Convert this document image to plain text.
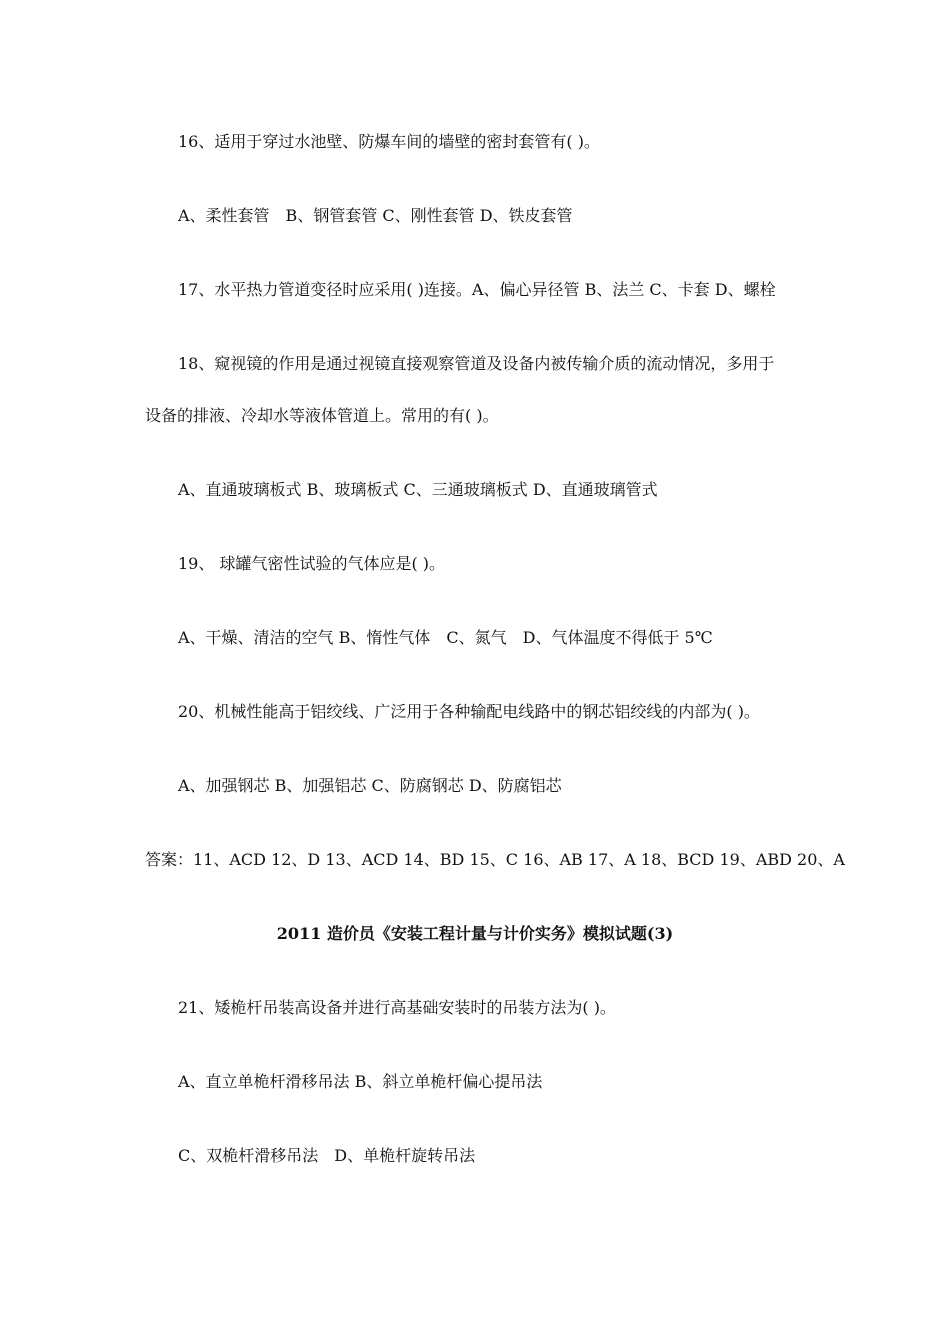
16、适用于穿过水池壁、防爆车间的墙壁的密封套管有( )。
A、柔性套管　B、钢管套管 C、刚性套管 D、铁皮套管
17、水平热力管道变径时应采用( )连接。A、偏心异径管 B、法兰 C、卡套 D、螺栓
18、窥视镜的作用是通过视镜直接观察管道及设备内被传输介质的流动情况，多用于
设备的排液、冷却水等液体管道上。常用的有( )。
A、直通玻璃板式 B、玻璃板式 C、三通玻璃板式 D、直通玻璃管式
19、 球罐气密性试验的气体应是( )。
A、干燥、清洁的空气 B、惰性气体　C、氮气　D、气体温度不得低于 5℃
20、机械性能高于铝绞线、广泛用于各种输配电线路中的钢芯铝绞线的内部为( )。
A、加强钢芯 B、加强铝芯 C、防腐钢芯 D、防腐铝芯
答案：11、ACD 12、D 13、ACD 14、BD 15、C 16、AB 17、A 18、BCD 19、ABD 20、A
2011 造价员《安装工程计量与计价实务》模拟试题(3)
21、矮桅杆吊装高设备并进行高基础安装时的吊装方法为( )。
A、直立单桅杆滑移吊法 B、斜立单桅杆偏心提吊法
C、双桅杆滑移吊法　D、单桅杆旋转吊法
